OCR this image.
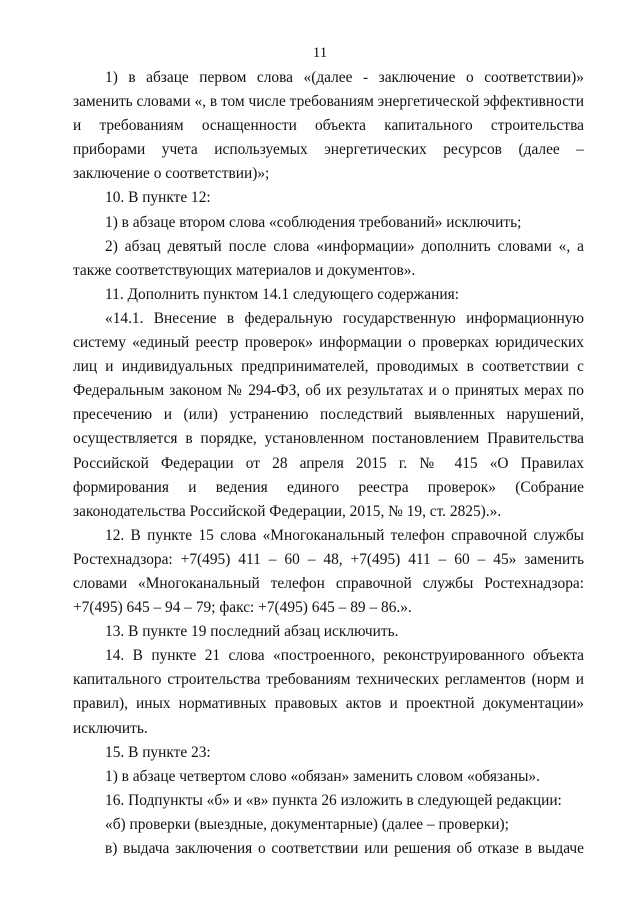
11

1) в абзаце первом слова «(далее - заключение о соответствии)» заменить словами «, в том числе требованиям энергетической эффективности и требованиям оснащенности объекта капитального строительства приборами учета используемых энергетических ресурсов (далее – заключение о соответствии)»;

10. В пункте 12:

1) в абзаце втором слова «соблюдения требований» исключить;

2) абзац девятый после слова «информации» дополнить словами «, а также соответствующих материалов и документов».

11. Дополнить пунктом 14.1 следующего содержания:

«14.1. Внесение в федеральную государственную информационную систему «единый реестр проверок» информации о проверках юридических лиц и индивидуальных предпринимателей, проводимых в соответствии с Федеральным законом № 294-ФЗ, об их результатах и о принятых мерах по пресечению и (или) устранению последствий выявленных нарушений, осуществляется в порядке, установленном постановлением Правительства Российской Федерации от 28 апреля 2015 г. № 415 «О Правилах формирования и ведения единого реестра проверок» (Собрание законодательства Российской Федерации, 2015, № 19, ст. 2825).».

12. В пункте 15 слова «Многоканальный телефон справочной службы Ростехнадзора: +7(495) 411 – 60 – 48, +7(495) 411 – 60 – 45» заменить словами «Многоканальный телефон справочной службы Ростехнадзора: +7(495) 645 – 94 – 79; факс: +7(495) 645 – 89 – 86.».

13. В пункте 19 последний абзац исключить.

14. В пункте 21 слова «построенного, реконструированного объекта капитального строительства требованиям технических регламентов (норм и правил), иных нормативных правовых актов и проектной документации» исключить.

15. В пункте 23:

1) в абзаце четвертом слово «обязан» заменить словом «обязаны».

16. Подпункты «б» и «в» пункта 26 изложить в следующей редакции:

«б) проверки (выездные, документарные) (далее – проверки);

в) выдача заключения о соответствии или решения об отказе в выдаче
